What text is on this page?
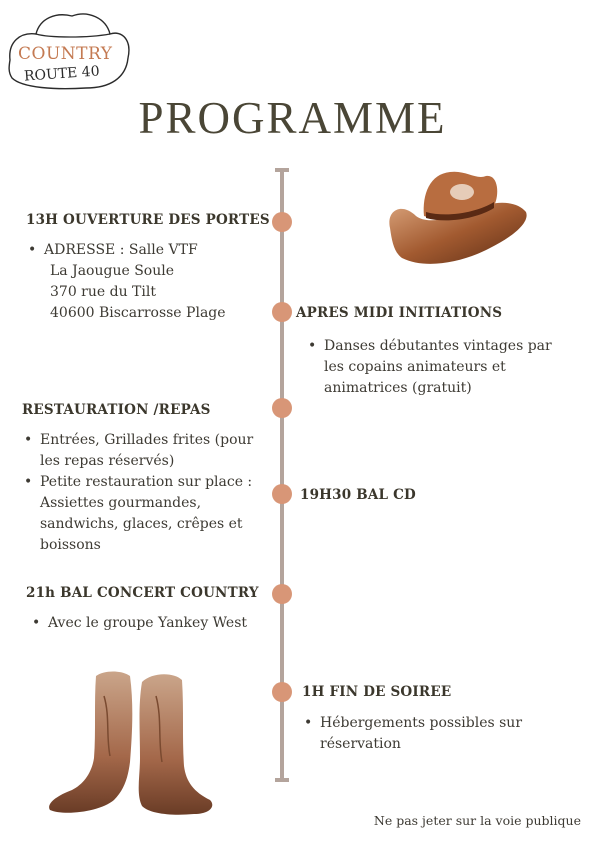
COUNTRY
ROUTE 40
PROGRAMME
13H OUVERTURE DES PORTES
• ADRESSE : Salle VTF
La Jaougue Soule
370 rue du Tilt
40600 Biscarrosse Plage	APRES MIDI INITIATIONS
• Danses débutantes vintages par
les copains animateurs et
animatrices (gratuit)
RESTAURATION /REPAS
• Entrées, Grillades frites (pour
les repas réservés)
• Petite restauration sur place :
Assiettes gourmandes,
sandwichs, glaces, crêpes et
boissons
19H30 BAL CD
21h BAL CONCERT COUNTRY
• Avec le groupe Yankey West
1H FIN DE SOIREE
• Hébergements possibles sur
réservation
Ne pas jeter sur la voie publique
